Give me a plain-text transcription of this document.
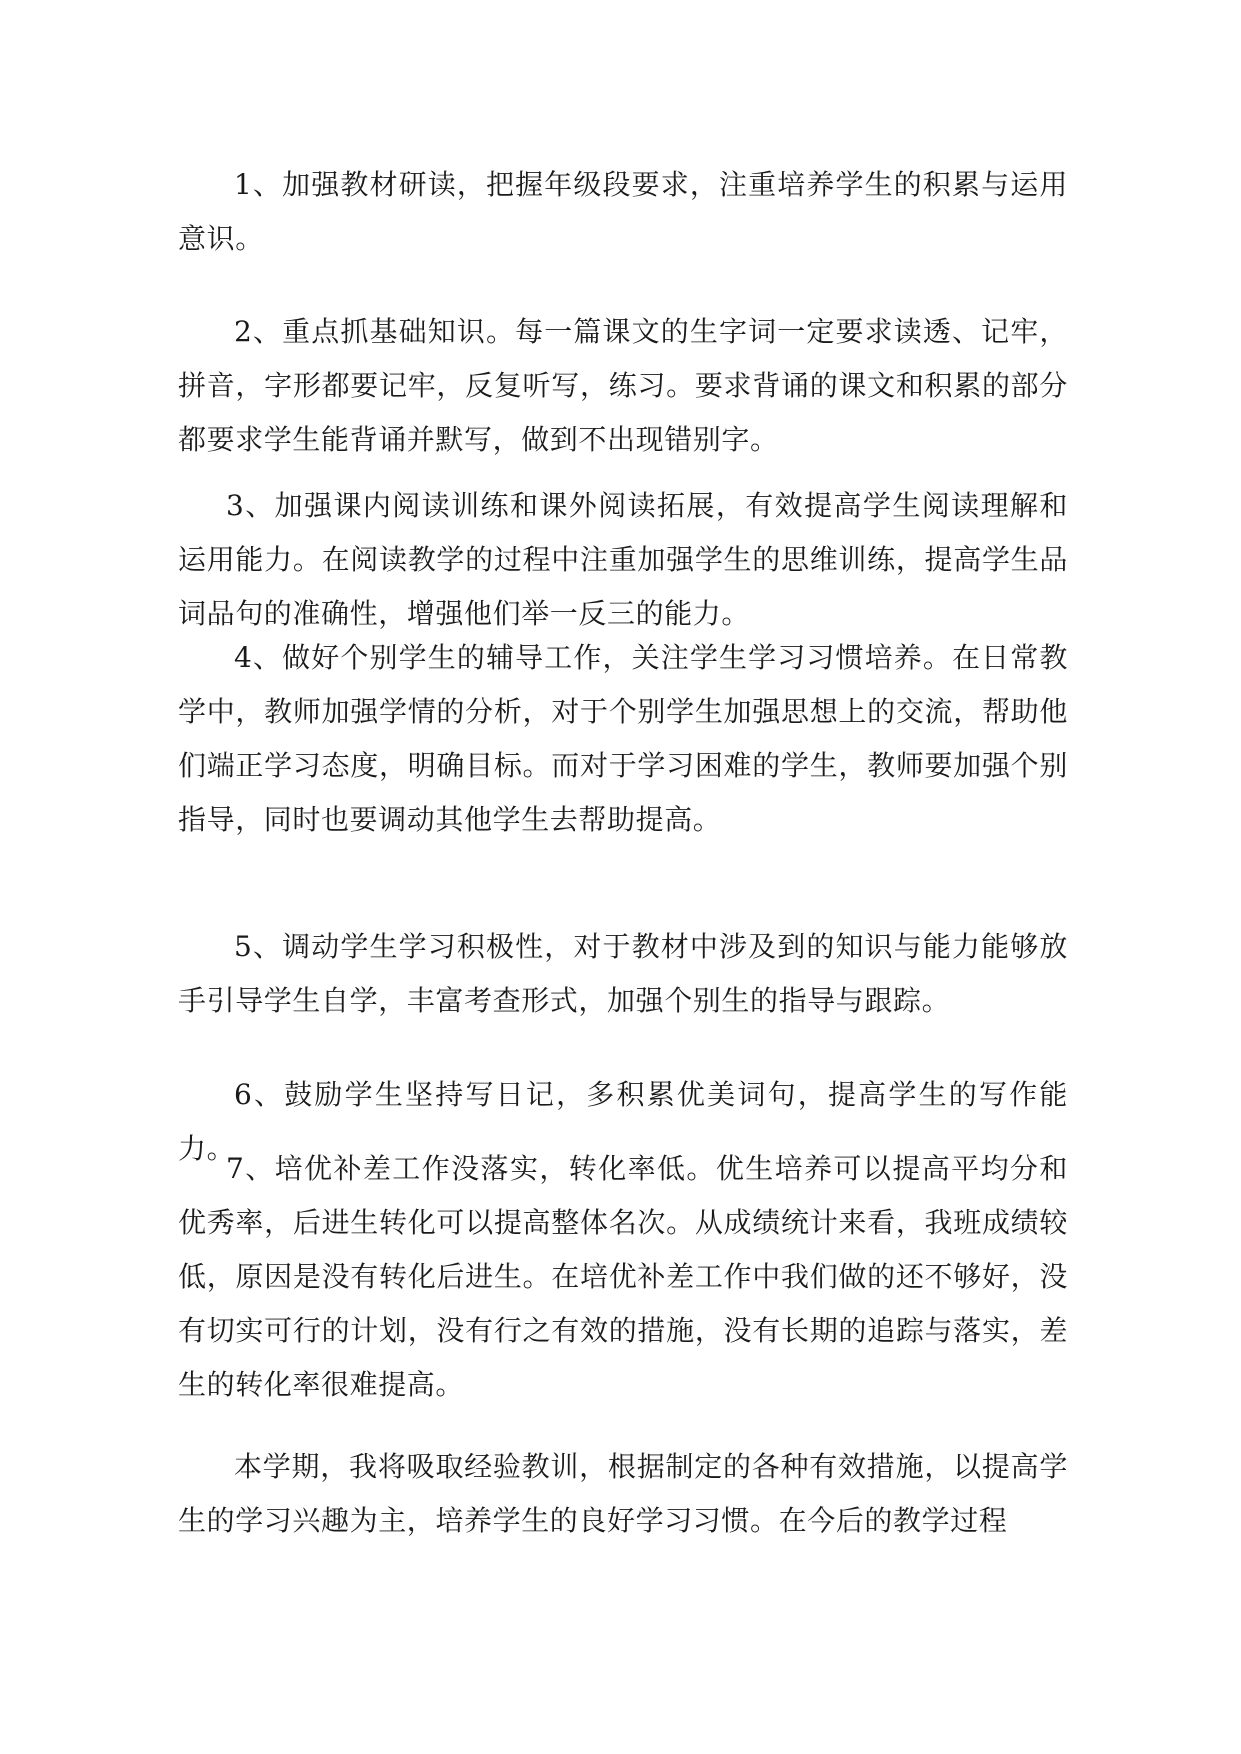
1、加强教材研读，把握年级段要求，注重培养学生的积累与运用意识。

2、重点抓基础知识。每一篇课文的生字词一定要求读透、记牢，拼音，字形都要记牢，反复听写，练习。要求背诵的课文和积累的部分都要求学生能背诵并默写，做到不出现错别字。

3、加强课内阅读训练和课外阅读拓展，有效提高学生阅读理解和运用能力。在阅读教学的过程中注重加强学生的思维训练，提高学生品词品句的准确性，增强他们举一反三的能力。

4、做好个别学生的辅导工作，关注学生学习习惯培养。在日常教学中，教师加强学情的分析，对于个别学生加强思想上的交流，帮助他们端正学习态度，明确目标。而对于学习困难的学生，教师要加强个别指导，同时也要调动其他学生去帮助提高。

5、调动学生学习积极性，对于教材中涉及到的知识与能力能够放手引导学生自学，丰富考查形式，加强个别生的指导与跟踪。

6、鼓励学生坚持写日记，多积累优美词句，提高学生的写作能力。

7、培优补差工作没落实，转化率低。优生培养可以提高平均分和优秀率，后进生转化可以提高整体名次。从成绩统计来看，我班成绩较低，原因是没有转化后进生。在培优补差工作中我们做的还不够好，没有切实可行的计划，没有行之有效的措施，没有长期的追踪与落实，差生的转化率很难提高。

本学期，我将吸取经验教训，根据制定的各种有效措施，以提高学生的学习兴趣为主，培养学生的良好学习习惯。在今后的教学过程
